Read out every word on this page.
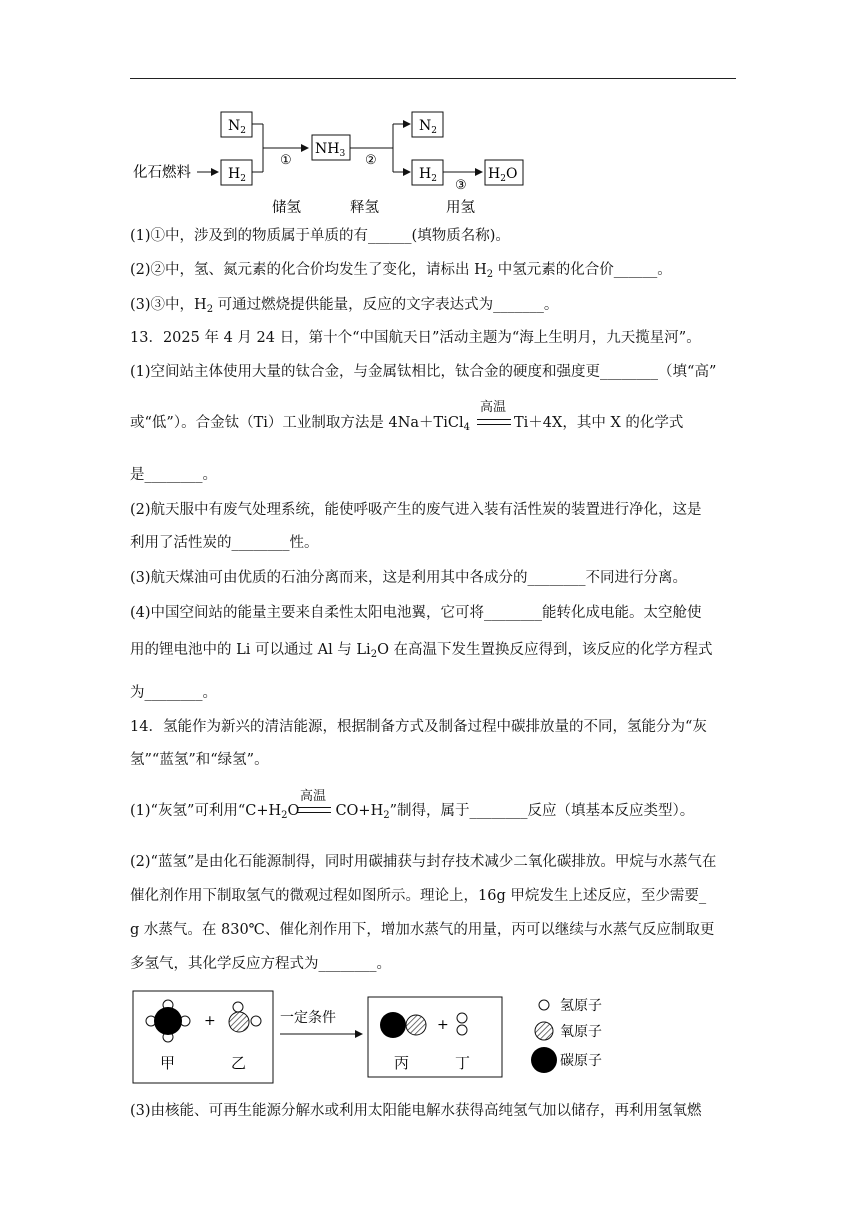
化石燃料
$N_2$
$H_2$
①
$NH_3$ ②
$N_2$
$H_2$ ③
$H_2O$
储氢	释氢	用氢
(1)①中，涉及到的物质属于单质的有______(填物质名称)。
(2)②中，氢、氮元素的化合价均发生了变化，请标出 $H_2$ 中氢元素的化合价______。
(3)③中，$H_2$ 可通过燃烧提供能量，反应的文字表达式为_______。
13．2025 年 4 月 24 日，第十个“中国航天日”活动主题为“海上生明月，九天揽星河”。
(1)空间站主体使用大量的钛合金，与金属钛相比，钛合金的硬度和强度更________（填“高”
或“低”）。合金钛（Ti）工业制取方法是 4Na＋TiCl$_4$
高温
Ti＋4X，其中 X 的化学式
是________。
(2)航天服中有废气处理系统，能使呼吸产生的废气进入装有活性炭的装置进行净化，这是
利用了活性炭的________性。
(3)航天煤油可由优质的石油分离而来，这是利用其中各成分的________不同进行分离。
(4)中国空间站的能量主要来自柔性太阳电池翼，它可将________能转化成电能。太空舱使
用的锂电池中的 Li 可以通过 Al 与 $Li_2O$ 在高温下发生置换反应得到，该反应的化学方程式
为________。
14．氢能作为新兴的清洁能源，根据制备方式及制备过程中碳排放量的不同，氢能分为“灰
氢”“蓝氢”和“绿氢”。
(1)“灰氢”可利用“$C+H_2O$ $CO+H_2$”制得，属于________反应（填基本反应类型）。
高温
(2)“蓝氢”是由化石能源制得，同时用碳捕获与封存技术减少二氧化碳排放。甲烷与水蒸气在
催化剂作用下制取氢气的微观过程如图所示。理论上，16g 甲烷发生上述反应，至少需要_
g 水蒸气。在 830℃、催化剂作用下，增加水蒸气的用量，丙可以继续与水蒸气反应制取更
多氢气，其化学反应方程式为________。
+
甲	乙
一定条件	+
丙	丁
氢原子
氧原子
碳原子
(3)由核能、可再生能源分解水或利用太阳能电解水获得高纯氢气加以储存，再利用氢氧燃
